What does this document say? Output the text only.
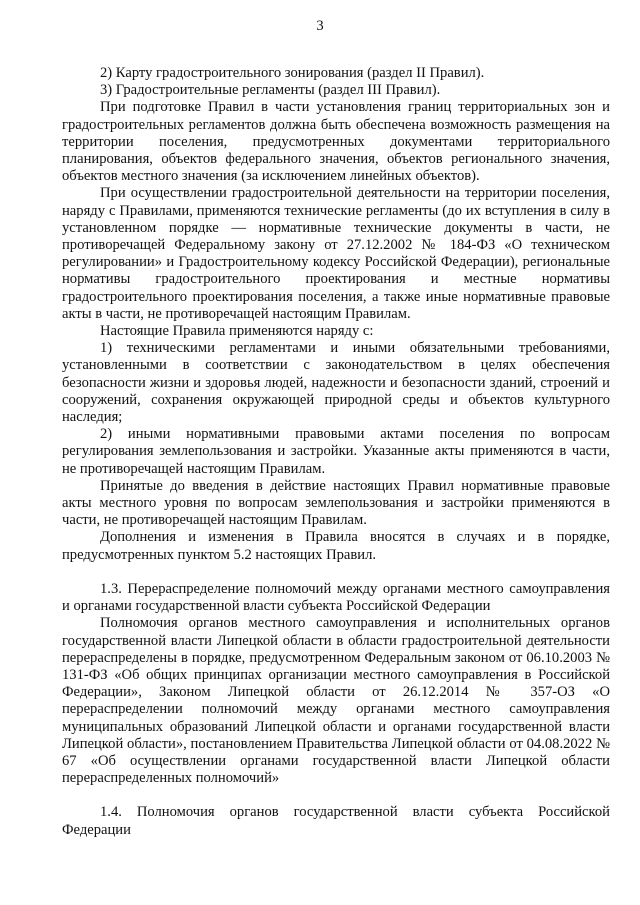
3

2) Карту градостроительного зонирования (раздел II Правил).

3) Градостроительные регламенты (раздел III Правил).

При подготовке Правил в части установления границ территориальных зон и градостроительных регламентов должна быть обеспечена возможность размещения на территории поселения, предусмотренных документами территориального планирования, объектов федерального значения, объектов регионального значения, объектов местного значения (за исключением линейных объектов).

При осуществлении градостроительной деятельности на территории поселения, наряду с Правилами, применяются технические регламенты (до их вступления в силу в установленном порядке — нормативные технические документы в части, не противоречащей Федеральному закону от 27.12.2002 № 184-ФЗ «О техническом регулировании» и Градостроительному кодексу Российской Федерации), региональные нормативы градостроительного проектирования и местные нормативы градостроительного проектирования поселения, а также иные нормативные правовые акты в части, не противоречащей настоящим Правилам.

Настоящие Правила применяются наряду с:

1) техническими регламентами и иными обязательными требованиями, установленными в соответствии с законодательством в целях обеспечения безопасности жизни и здоровья людей, надежности и безопасности зданий, строений и сооружений, сохранения окружающей природной среды и объектов культурного наследия;

2) иными нормативными правовыми актами поселения по вопросам регулирования землепользования и застройки. Указанные акты применяются в части, не противоречащей настоящим Правилам.

Принятые до введения в действие настоящих Правил нормативные правовые акты местного уровня по вопросам землепользования и застройки применяются в части, не противоречащей настоящим Правилам.

Дополнения и изменения в Правила вносятся в случаях и в порядке, предусмотренных пунктом 5.2 настоящих Правил.

1.3. Перераспределение полномочий между органами местного самоуправления и органами государственной власти субъекта Российской Федерации

Полномочия органов местного самоуправления и исполнительных органов государственной власти Липецкой области в области градостроительной деятельности перераспределены в порядке, предусмотренном Федеральным законом от 06.10.2003 № 131-ФЗ «Об общих принципах организации местного самоуправления в Российской Федерации», Законом Липецкой области от 26.12.2014 № 357-ОЗ «О перераспределении полномочий между органами местного самоуправления муниципальных образований Липецкой области и органами государственной власти Липецкой области», постановлением Правительства Липецкой области от 04.08.2022 № 67 «Об осуществлении органами государственной власти Липецкой области перераспределенных полномочий»

1.4. Полномочия органов государственной власти субъекта Российской Федерации
